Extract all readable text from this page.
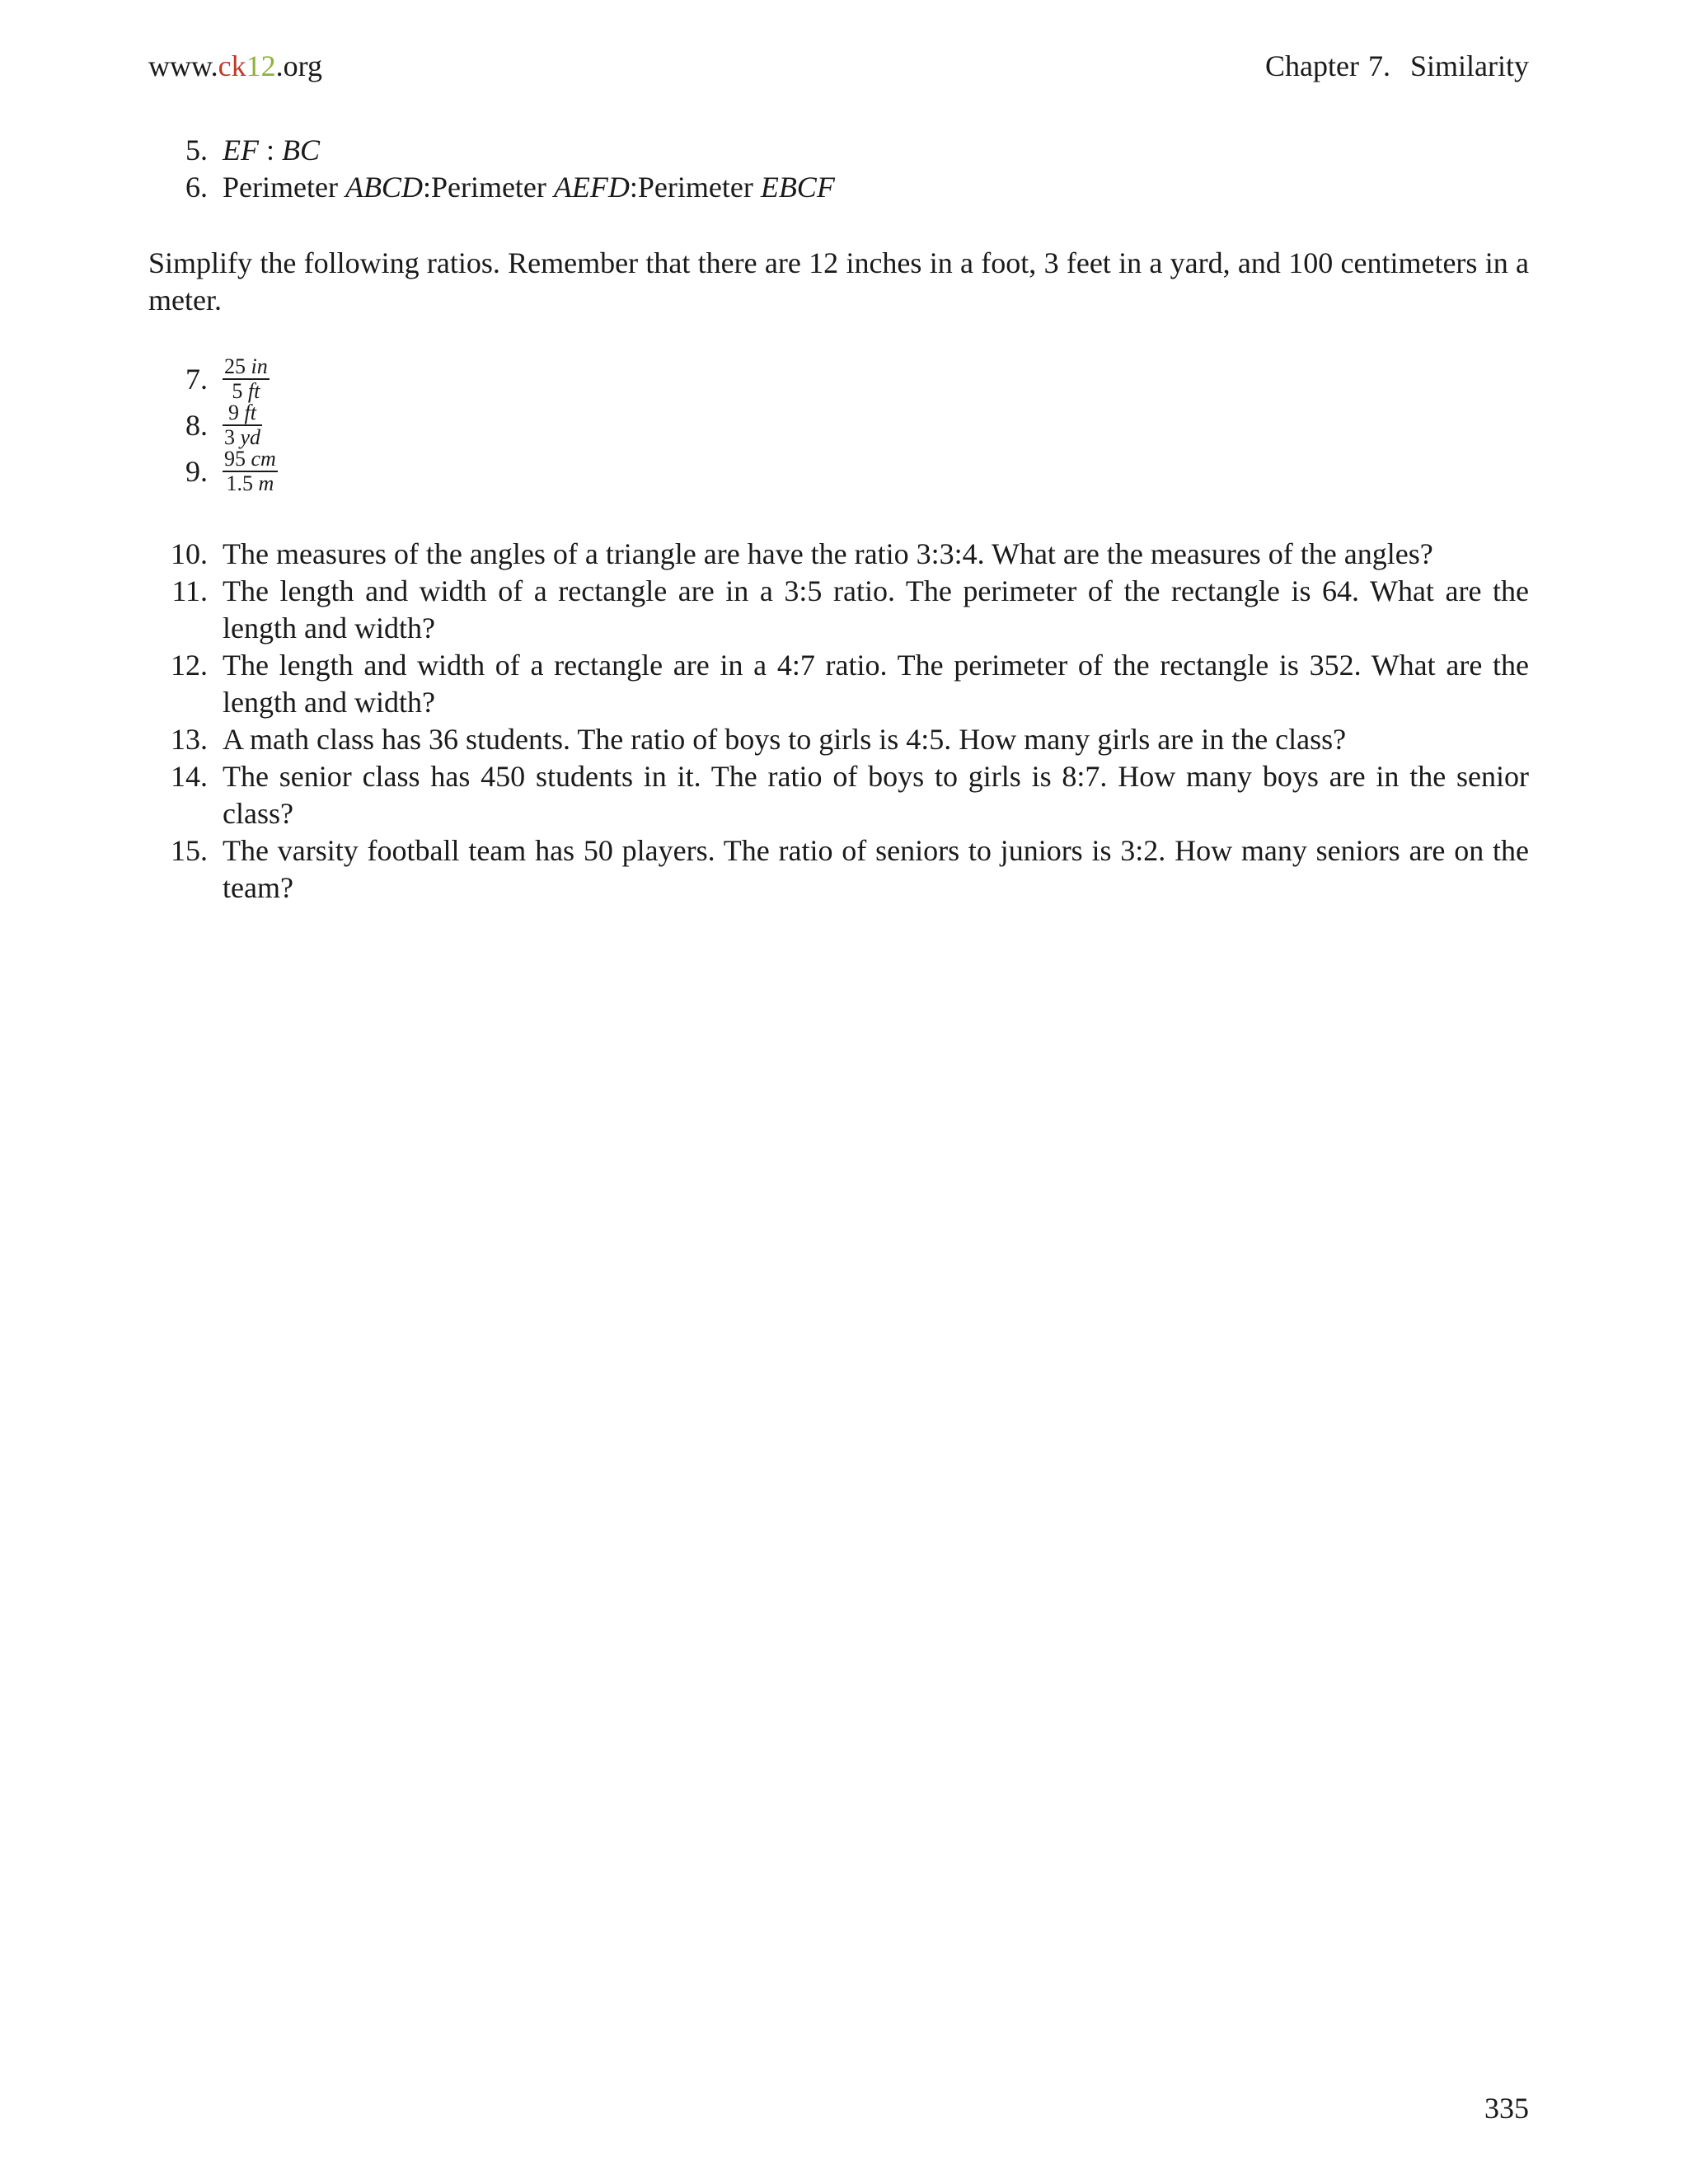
www.ck12.org	Chapter 7. Similarity
5. EF : BC
6. Perimeter ABCD:Perimeter AEFD:Perimeter EBCF
Simplify the following ratios. Remember that there are 12 inches in a foot, 3 feet in a yard, and 100 centimeters in a meter.
7. $\frac{25 in}{5 ft}$
8. $\frac{9 ft}{3 yd}$
9. $\frac{95 cm}{1.5 m}$
10. The measures of the angles of a triangle are have the ratio 3:3:4. What are the measures of the angles?
11. The length and width of a rectangle are in a 3:5 ratio. The perimeter of the rectangle is 64. What are the length and width?
12. The length and width of a rectangle are in a 4:7 ratio. The perimeter of the rectangle is 352. What are the length and width?
13. A math class has 36 students. The ratio of boys to girls is 4:5. How many girls are in the class?
14. The senior class has 450 students in it. The ratio of boys to girls is 8:7. How many boys are in the senior class?
15. The varsity football team has 50 players. The ratio of seniors to juniors is 3:2. How many seniors are on the team?
335
